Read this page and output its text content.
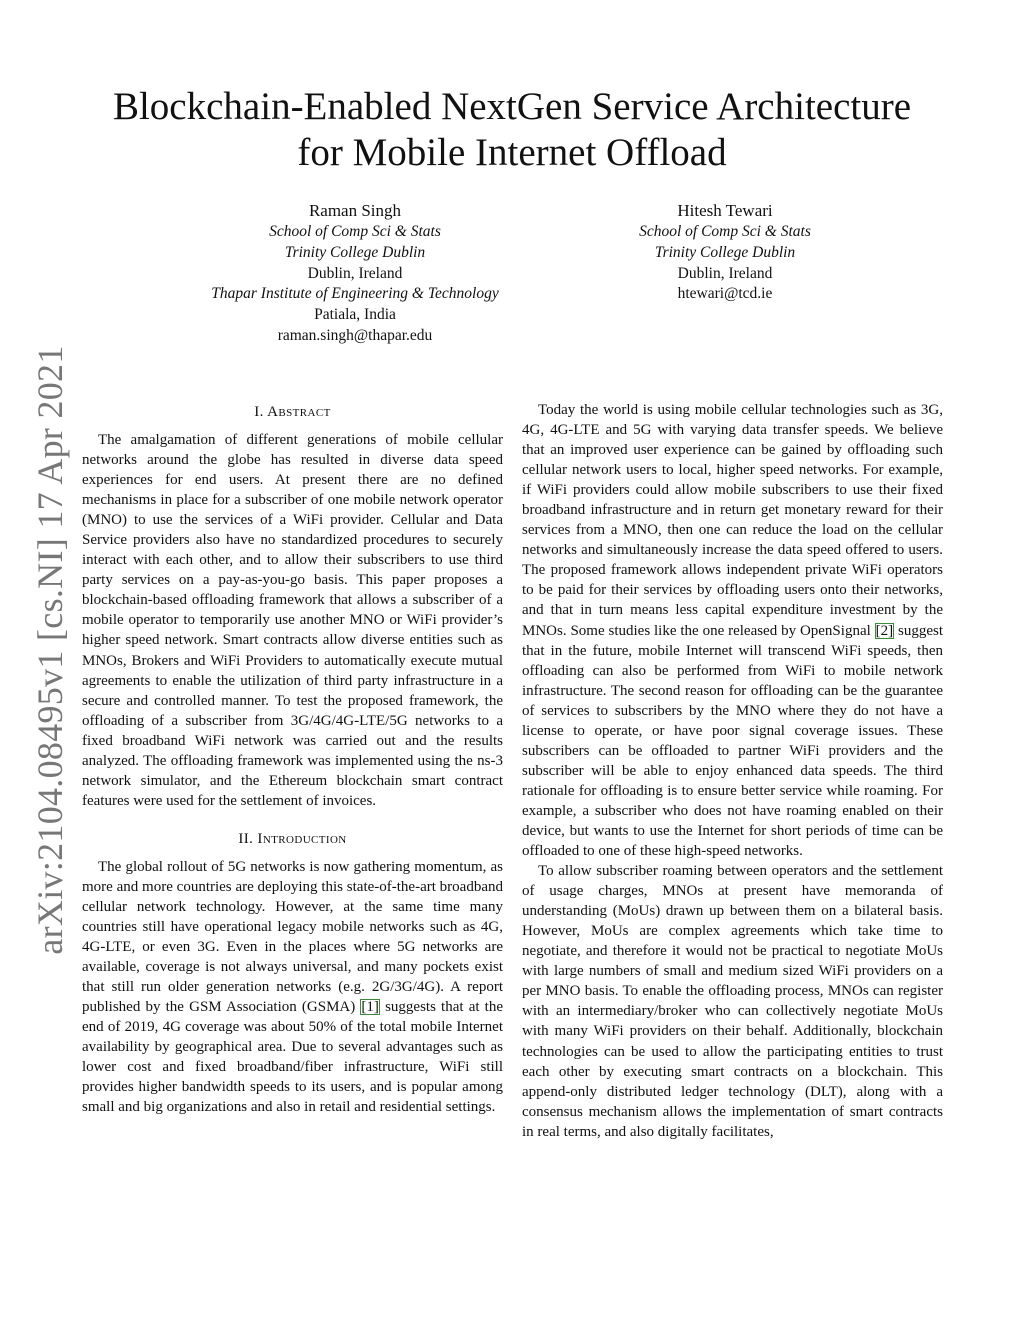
arXiv:2104.08495v1 [cs.NI] 17 Apr 2021
Blockchain-Enabled NextGen Service Architecture
for Mobile Internet Offload
Raman Singh
School of Comp Sci & Stats
Trinity College Dublin
Dublin, Ireland
Thapar Institute of Engineering & Technology
Patiala, India
raman.singh@thapar.edu
Hitesh Tewari
School of Comp Sci & Stats
Trinity College Dublin
Dublin, Ireland
htewari@tcd.ie
I. Abstract

The amalgamation of different generations of mobile cellular networks around the globe has resulted in diverse data speed experiences for end users. At present there are no defined mechanisms in place for a subscriber of one mobile network operator (MNO) to use the services of a WiFi provider. Cellular and Data Service providers also have no standardized procedures to securely interact with each other, and to allow their subscribers to use third party services on a pay-as-you-go basis. This paper proposes a blockchain-based offloading framework that allows a subscriber of a mobile operator to temporarily use another MNO or WiFi provider’s higher speed network. Smart contracts allow diverse entities such as MNOs, Brokers and WiFi Providers to automatically execute mutual agreements to enable the utilization of third party infrastructure in a secure and controlled manner. To test the proposed framework, the offloading of a subscriber from 3G/4G/4G-LTE/5G networks to a fixed broadband WiFi network was carried out and the results analyzed. The offloading framework was implemented using the ns-3 network simulator, and the Ethereum blockchain smart contract features were used for the settlement of invoices.

II. Introduction

The global rollout of 5G networks is now gathering momentum, as more and more countries are deploying this state-of-the-art broadband cellular network technology. However, at the same time many countries still have operational legacy mobile networks such as 4G, 4G-LTE, or even 3G. Even in the places where 5G networks are available, coverage is not always universal, and many pockets exist that still run older generation networks (e.g. 2G/3G/4G). A report published by the GSM Association (GSMA) [1] suggests that at the end of 2019, 4G coverage was about 50% of the total mobile Internet availability by geographical area. Due to several advantages such as lower cost and fixed broadband/fiber infrastructure, WiFi still provides higher bandwidth speeds to its users, and is popular among small and big organizations and also in retail and residential settings.

Today the world is using mobile cellular technologies such as 3G, 4G, 4G-LTE and 5G with varying data transfer speeds. We believe that an improved user experience can be gained by offloading such cellular network users to local, higher speed networks. For example, if WiFi providers could allow mobile subscribers to use their fixed broadband infrastructure and in return get monetary reward for their services from a MNO, then one can reduce the load on the cellular networks and simultaneously increase the data speed offered to users. The proposed framework allows independent private WiFi operators to be paid for their services by offloading users onto their networks, and that in turn means less capital expenditure investment by the MNOs. Some studies like the one released by OpenSignal [2] suggest that in the future, mobile Internet will transcend WiFi speeds, then offloading can also be performed from WiFi to mobile network infrastructure. The second reason for offloading can be the guarantee of services to subscribers by the MNO where they do not have a license to operate, or have poor signal coverage issues. These subscribers can be offloaded to partner WiFi providers and the subscriber will be able to enjoy enhanced data speeds. The third rationale for offloading is to ensure better service while roaming. For example, a subscriber who does not have roaming enabled on their device, but wants to use the Internet for short periods of time can be offloaded to one of these high-speed networks.

To allow subscriber roaming between operators and the settlement of usage charges, MNOs at present have memoranda of understanding (MoUs) drawn up between them on a bilateral basis. However, MoUs are complex agreements which take time to negotiate, and therefore it would not be practical to negotiate MoUs with large numbers of small and medium sized WiFi providers on a per MNO basis. To enable the offloading process, MNOs can register with an intermediary/broker who can collectively negotiate MoUs with many WiFi providers on their behalf. Additionally, blockchain technologies can be used to allow the participating entities to trust each other by executing smart contracts on a blockchain. This append-only distributed ledger technology (DLT), along with a consensus mechanism allows the implementation of smart contracts in real terms, and also digitally facilitates,
